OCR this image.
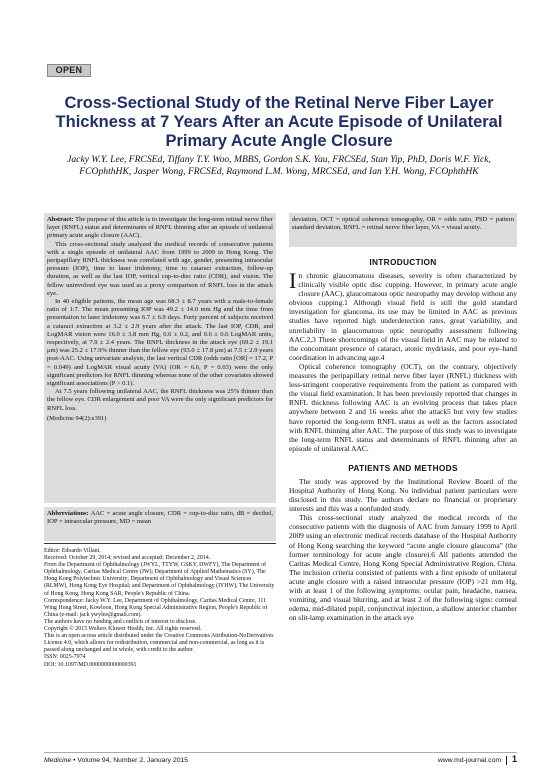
OPEN
Cross-Sectional Study of the Retinal Nerve Fiber Layer Thickness at 7 Years After an Acute Episode of Unilateral Primary Acute Angle Closure
Jacky W.Y. Lee, FRCSEd, Tiffany T.Y. Woo, MBBS, Gordon S.K. Yau, FRCSEd, Stan Yip, PhD, Doris W.F. Yick, FCOphthHK, Jasper Wong, FRCSEd, Raymond L.M. Wong, MRCSEd, and Ian Y.H. Wong, FCOphthHK

Abstract: The purpose of this article is to investigate the long-term retinal nerve fiber layer (RNFL) status and determinants of RNFL thinning after an episode of unilateral primary acute angle closure (AAC).

This cross-sectional study analyzed the medical records of consecutive patients with a single episode of unilateral AAC from 1999 to 2009 in Hong Kong. The peripapillary RNFL thickness was correlated with age, gender, presenting intraocular pressure (IOP), time to laser iridotomy, time to cataract extraction, follow-up duration, as well as the last IOP, vertical cup-to-disc ratio (CDR), and vision. The fellow uninvolved eye was used as a proxy comparison of RNFL loss in the attack eye.

In 40 eligible patients, the mean age was 68.3 ± 8.7 years with a male-to-female ratio of 1:7. The mean presenting IOP was 49.2 ± 14.0 mm Hg and the time from presentation to laser iridotomy was 6.7 ± 6.9 days. Forty percent of subjects received a cataract extraction at 3.2 ± 2.9 years after the attack. The last IOP, CDR, and LogMAR vision were 16.0 ± 3.8 mm Hg, 0.6 ± 0.2, and 0.6 ± 0.6 LogMAR units, respectively, at 7.9 ± 2.4 years. The RNFL thickness in the attack eye (69.2 ± 19.1 μm) was 25.2 ± 17.9% thinner than the fellow eye (93.0 ± 17.8 μm) at 7.5 ± 2.9 years post-AAC. Using univariate analysis, the last vertical CDR (odds ratio [OR] = 17.2, P = 0.049) and LogMAR visual acuity (VA) (OR = 6.6, P = 0.03) were the only significant predictors for RNFL thinning whereas none of the other covariates showed significant associations (P > 0.1).

At 7.5 years following unilateral AAC, the RNFL thickness was 25% thinner than the fellow eye. CDR enlargement and poor VA were the only significant predictors for RNFL loss.

(Medicine 94(2):e391)

Abbreviations: AAC = acute angle closure, CDR = cup-to-disc ratio, dB = decibel, IOP = intraocular pressure, MD = mean

Editor: Edoardo Villani.

Received: October 29, 2014; revised and accepted: December 2, 2014.

From the Department of Ophthalmology (JWYL, TTYW, GSKY, DWFY), The Department of Ophthalmology, Caritas Medical Centre (JW); Department of Applied Mathematics (SY), The Hong Kong Polytechnic University; Department of Ophthalmology and Visual Sciences (RLMW), Hong Kong Eye Hospital; and Department of Ophthalmology (IYHW), The University of Hong Kong, Hong Kong SAR, People's Republic of China.

Correspondence: Jacky W.Y. Lee, Department of Ophthalmology, Caritas Medical Centre, 111 Wing Hong Street, Kowloon, Hong Kong Special Administrative Region, People's Republic of China (e-mail: jack ywylee@gmail.com).

The authors have no funding and conflicts of interest to disclose.

Copyright © 2015 Wolters Kluwer Health, Inc. All rights reserved.

This is an open access article distributed under the Creative Commons Attribution-NoDerivatives License 4.0, which allows for redistribution, commercial and non-commercial, as long as it is passed along unchanged and in whole, with credit to the author.

ISSN: 0025-7974

DOI: 10.1097/MD.0000000000000391

deviation, OCT = optical coherence tomography, OR = odds ratio, PSD = pattern standard deviation, RNFL = retinal nerve fiber layer, VA = visual acuity.
INTRODUCTION

In chronic glaucomatous diseases, severity is often characterized by clinically visible optic disc cupping. However, in primary acute angle closure (AAC), glaucomatous optic neuropathy may develop without any obvious cupping.1 Although visual field is still the gold standard investigation for glaucoma, its use may be limited in AAC as previous studies have reported high underdetection rates, great variability, and unreliability in glaucomatous optic neuropathy assessment following AAC.2,3 These shortcomings of the visual field in AAC may be related to the concomitant presence of cataract, atonic mydriasis, and poor eye–hand coordination in advancing age.4

Optical coherence tomography (OCT), on the contrary, objectively measures the peripapillary retinal nerve fiber layer (RNFL) thickness with less-stringent cooperative requirements from the patient as compared with the visual field examination. It has been previously reported that changes in RNFL thickness following AAC is an evolving process that takes place anywhere between 2 and 16 weeks after the attack5 but very few studies have reported the long-term RNFL status as well as the factors associated with RNFL thinning after AAC. The purpose of this study was to investigate the long-term RNFL status and determinants of RNFL thinning after an episode of unilateral AAC.

PATIENTS AND METHODS

The study was approved by the Institutional Review Board of the Hospital Authority of Hong Kong. No individual patient particulars were disclosed in this study. The authors declare no financial or proprietary interests and this was a nonfunded study.

This cross-sectional study analyzed the medical records of the consecutive patients with the diagnosis of AAC from January 1999 to April 2009 using an electronic medical records database of the Hospital Authority of Hong Kong searching the keyword “acute angle closure glaucoma” (the former terminology for acute angle closure).6 All patients attended the Caritas Medical Centre, Hong Kong Special Administrative Region, China. The inclusion criteria consisted of patients with a first episode of unilateral acute angle closure with a raised intraocular pressure (IOP) >21 mm Hg, with at least 1 of the following symptoms: ocular pain, headache, nausea, vomiting, and visual blurring, and at least 2 of the following signs: corneal edema, mid-dilated pupil, conjunctival injection, a shallow anterior chamber on slit-lamp examination in the attack eye

Medicine • Volume 94, Number 2, January 2015	www.md-journal.com 1
